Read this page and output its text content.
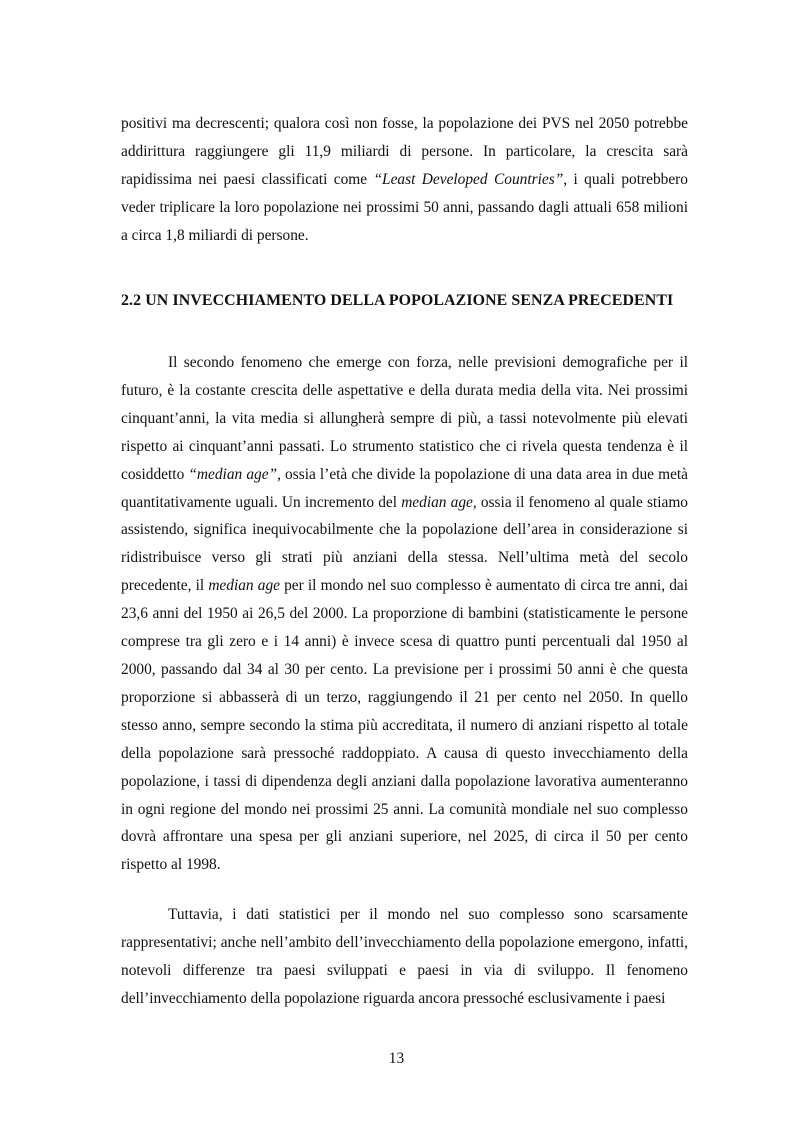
positivi ma decrescenti; qualora così non fosse, la popolazione dei PVS nel 2050 potrebbe addirittura raggiungere gli 11,9 miliardi di persone. In particolare, la crescita sarà rapidissima nei paesi classificati come “Least Developed Countries”, i quali potrebbero veder triplicare la loro popolazione nei prossimi 50 anni, passando dagli attuali 658 milioni a circa 1,8 miliardi di persone.

2.2 UN INVECCHIAMENTO DELLA POPOLAZIONE SENZA PRECEDENTI

Il secondo fenomeno che emerge con forza, nelle previsioni demografiche per il futuro, è la costante crescita delle aspettative e della durata media della vita. Nei prossimi cinquant’anni, la vita media si allungherà sempre di più, a tassi notevolmente più elevati rispetto ai cinquant’anni passati. Lo strumento statistico che ci rivela questa tendenza è il cosiddetto “median age”, ossia l’età che divide la popolazione di una data area in due metà quantitativamente uguali. Un incremento del median age, ossia il fenomeno al quale stiamo assistendo, significa inequivocabilmente che la popolazione dell’area in considerazione si ridistribuisce verso gli strati più anziani della stessa. Nell’ultima metà del secolo precedente, il median age per il mondo nel suo complesso è aumentato di circa tre anni, dai 23,6 anni del 1950 ai 26,5 del 2000. La proporzione di bambini (statisticamente le persone comprese tra gli zero e i 14 anni) è invece scesa di quattro punti percentuali dal 1950 al 2000, passando dal 34 al 30 per cento. La previsione per i prossimi 50 anni è che questa proporzione si abbasserà di un terzo, raggiungendo il 21 per cento nel 2050. In quello stesso anno, sempre secondo la stima più accreditata, il numero di anziani rispetto al totale della popolazione sarà pressoché raddoppiato. A causa di questo invecchiamento della popolazione, i tassi di dipendenza degli anziani dalla popolazione lavorativa aumenteranno in ogni regione del mondo nei prossimi 25 anni. La comunità mondiale nel suo complesso dovrà affrontare una spesa per gli anziani superiore, nel 2025, di circa il 50 per cento rispetto al 1998.

Tuttavia, i dati statistici per il mondo nel suo complesso sono scarsamente rappresentativi; anche nell’ambito dell’invecchiamento della popolazione emergono, infatti, notevoli differenze tra paesi sviluppati e paesi in via di sviluppo. Il fenomeno dell’invecchiamento della popolazione riguarda ancora pressoché esclusivamente i paesi

13
